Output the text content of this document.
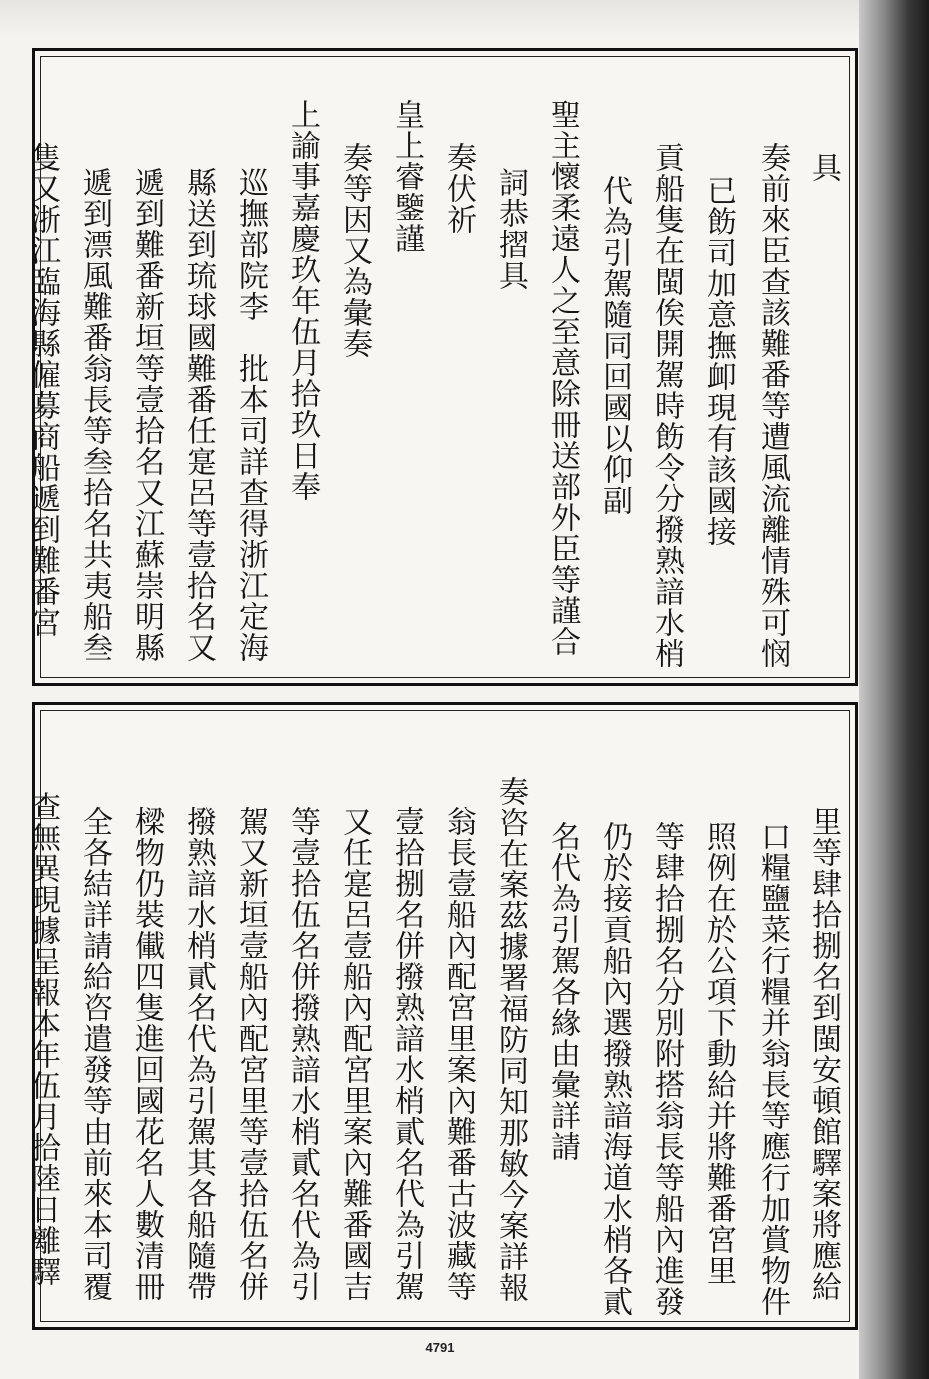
具
奏前來臣查該難番等遭風流離情殊可悯
已飭司加意撫卹現有該國接
貢船隻在閩俟開駕時飭令分撥熟諳水梢
代為引駕隨同回國以仰副
聖主懷柔遠人之至意除冊送部外臣等謹合
詞恭摺具
奏伏祈
皇上睿鑒謹
奏等因又為彙奏
上諭事嘉慶玖年伍月拾玖日奉
巡撫部院李　批本司詳查得浙江定海
縣送到琉球國難番任寔呂等壹拾名又
遞到難番新垣等壹拾名又江蘇崇明縣
遞到漂風難番翁長等叁拾名共夷船叁
隻又浙江臨海縣僱募商船遞到難番宮
里等肆拾捌名到閩安頓館驛案將應給
口糧鹽菜行糧并翁長等應行加賞物件
照例在於公項下動給并將難番宮里
等肆拾捌名分別附搭翁長等船內進發
仍於接貢船內選撥熟諳海道水梢各貳
名代為引駕各緣由彙詳請
奏咨在案茲據署福防同知那敏今案詳報
翁長壹船內配宮里案內難番古波藏等
壹拾捌名併撥熟諳水梢貳名代為引駕
又任寔呂壹船內配宮里案內難番國吉
等壹拾伍名併撥熟諳水梢貳名代為引
駕又新垣壹船內配宮里等壹拾伍名併
撥熟諳水梢貳名代為引駕其各船隨帶
樑物仍裝儎四隻進回國花名人數清冊
全各結詳請給咨遣發等由前來本司覆
查無異現據呈報本年伍月拾陸日離驛
4791
